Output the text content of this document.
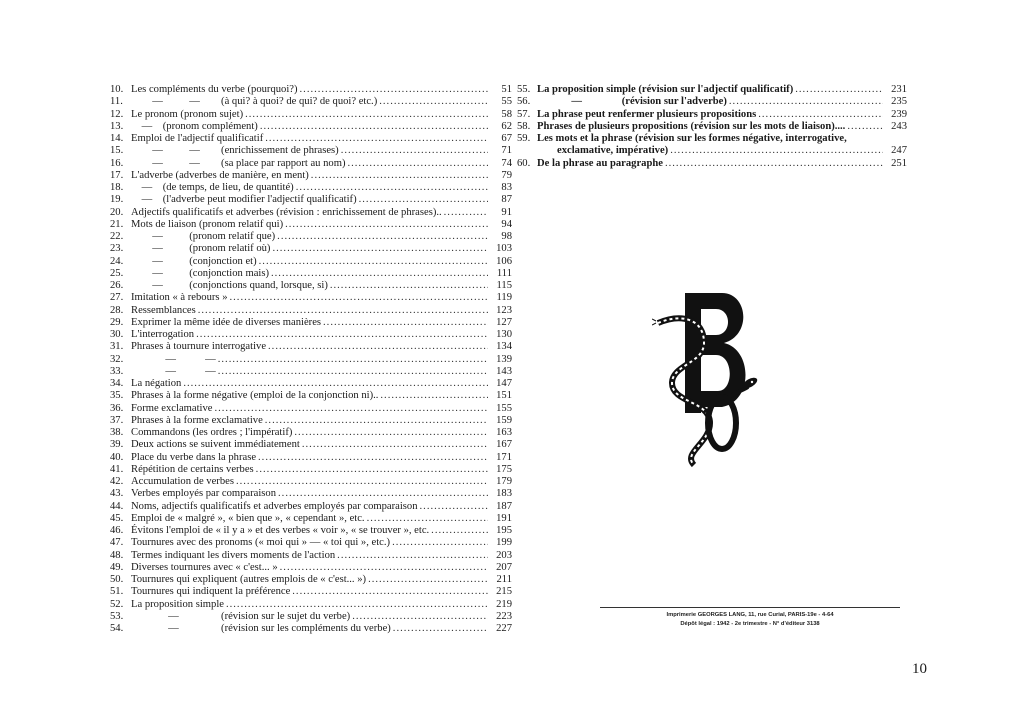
10. Les compléments du verbe (pourquoi?) .....	51
11. —          —        (à qui? à quoi? de qui? de quoi? etc.) .....	55
12. Le pronom (pronom sujet) .....	58
13. —    (pronom complément) .....	62
14. Emploi de l'adjectif qualificatif .....	67
15. —          —        (enrichissement de phrases) .....	71
16. —          —        (sa place par rapport au nom) .....	74
17. L'adverbe (adverbes de manière, en ment) .....	79
18. —    (de temps, de lieu, de quantité) .....	83
19. —    (l'adverbe peut modifier l'adjectif qualificatif) .....	87
20. Adjectifs qualificatifs et adverbes (révision : enrichissement de phrases).. .....	91
21. Mots de liaison (pronom relatif qui) .....	94
22. —          (pronom relatif que) .....	98
23. —          (pronom relatif où) .....	103
24. —          (conjonction et) .....	106
25. —          (conjonction mais) .....	111
26. —          (conjonctions quand, lorsque, si) .....	115
27. Imitation « à rebours » .....	119
28. Ressemblances .....	123
29. Exprimer la même idée de diverses manières .....	127
30. L'interrogation .....	130
31. Phrases à tournure interrogative .....	134
32. —           — .....	139
33. —           — .....	143
34. La négation .....	147
35. Phrases à la forme négative (emploi de la conjonction ni).. .....	151
36. Forme exclamative .....	155
37. Phrases à la forme exclamative .....	159
38. Commandons (les ordres ; l'impératif) .....	163
39. Deux actions se suivent immédiatement .....	167
40. Place du verbe dans la phrase .....	171
41. Répétition de certains verbes .....	175
42. Accumulation de verbes .....	179
43. Verbes employés par comparaison .....	183
44. Noms, adjectifs qualificatifs et adverbes employés par comparaison .....	187
45. Emploi de « malgré », « bien que », « cependant », etc. .....	191
46. Évitons l'emploi de « il y a » et des verbes « voir », « se trouver », etc. .....	195
47. Tournures avec des pronoms (« moi qui » — « toi qui », etc.) .....	199
48. Termes indiquant les divers moments de l'action .....	203
49. Diverses tournures avec « c'est... » .....	207
50. Tournures qui expliquent (autres emplois de « c'est... ») .....	211
51. Tournures qui indiquent la préférence .....	215
52. La proposition simple .....	219
53. —                (révision sur le sujet du verbe) .....	223
54. —                (révision sur les compléments du verbe) .....	227
55. La proposition simple (révision sur l'adjectif qualificatif) .....	231
56. —               (révision sur l'adverbe) .....	235
57. La phrase peut renfermer plusieurs propositions .....	239
58. Phrases de plusieurs propositions (révision sur les mots de liaison).... .....	243
59. Les mots et la phrase (révision sur les formes négative, interrogative,
exclamative, impérative) .....	247
60. De la phrase au paragraphe .....	251
Imprimerie GEORGES LANG, 11, rue Curial, PARIS-19e - 4-64
Dépôt légal : 1942 - 2e trimestre - N° d'éditeur 3138
10
